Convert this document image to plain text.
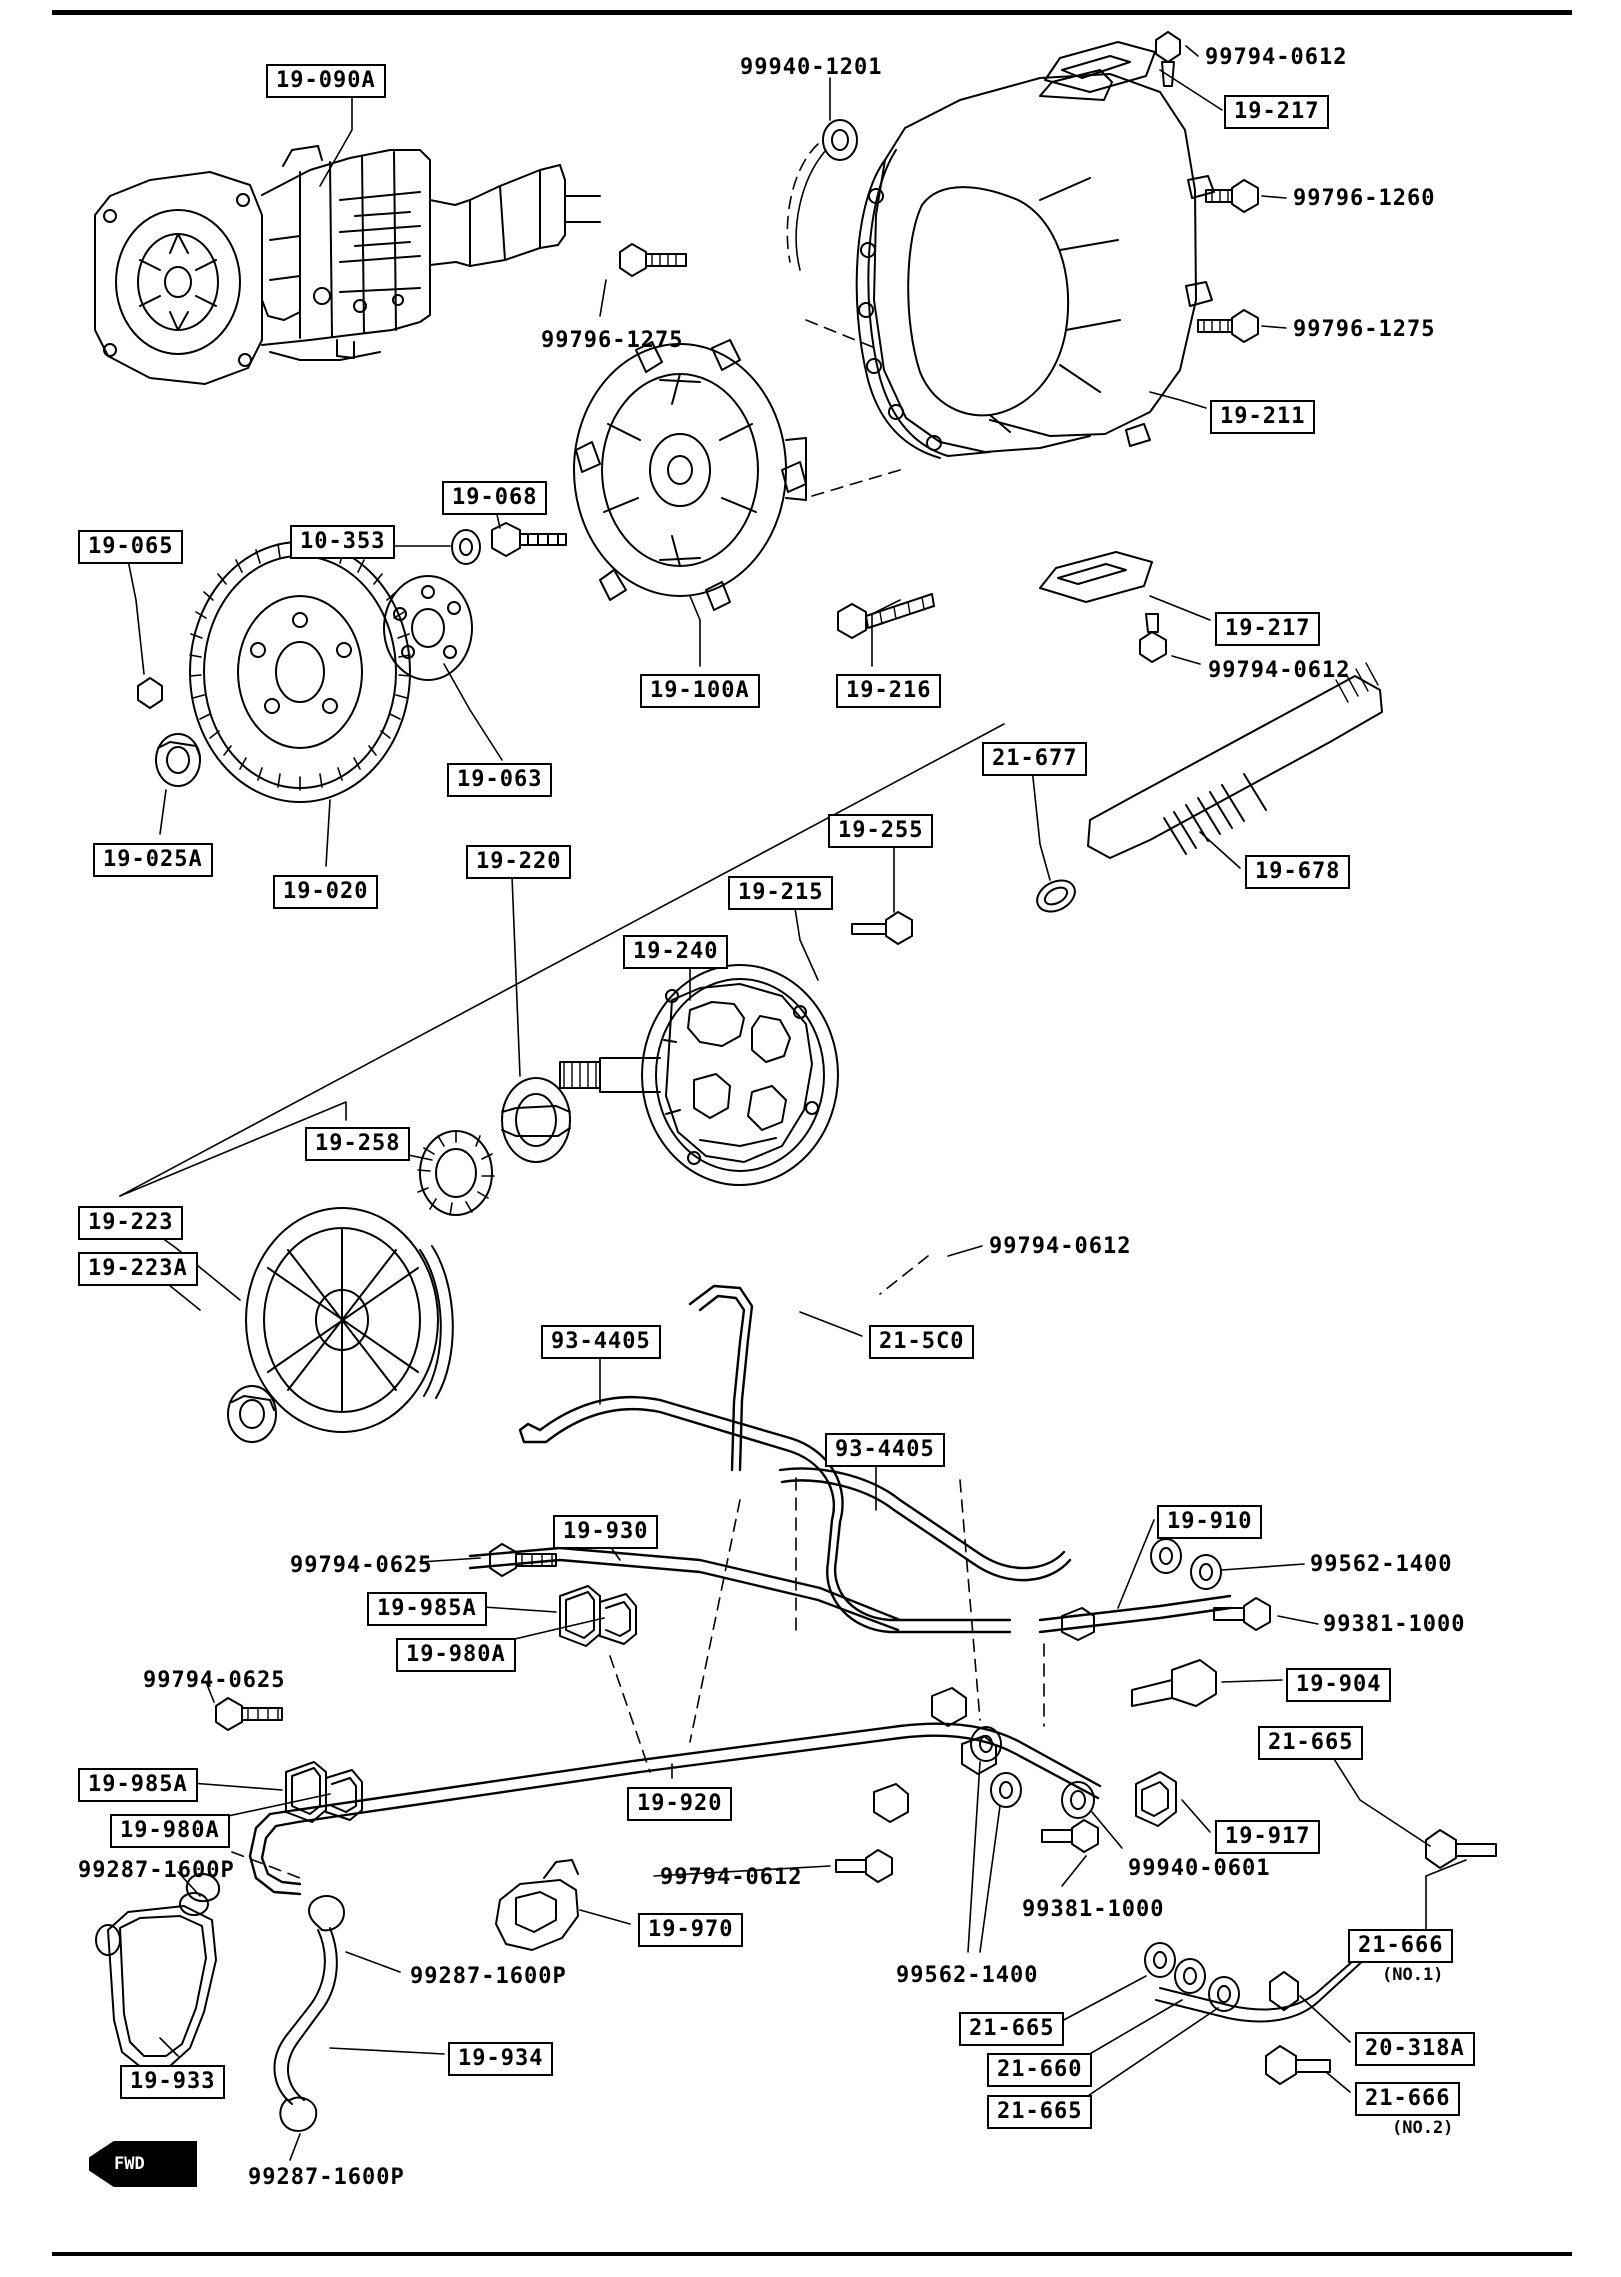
19-090A
99940-1201	99794-0612
19-217
99796-1260
99796-1275
99796-1275
19-211
19-068
10-353
19-065
19-217
99794-0612
19-100A	19-216
19-063
19-025A
19-020
19-220
21-677
19-255
19-678
19-215
19-240
19-258
19-223
19-223A
99794-0612
93-4405	21-5C0
93-4405
19-910
99562-1400
19-930
99794-0625
99381-1000
19-985A
19-980A
19-904
99794-0625
21-665
19-985A
19-917
19-920
19-980A
99287-1600P	99794-0612	99940-0601
99381-1000
19-970
21-666
(NO.1)
99287-1600P	99562-1400
21-665
19-933
19-934	21-660
20-318A
21-665
21-666
(NO.2)
99287-1600P
FWD
